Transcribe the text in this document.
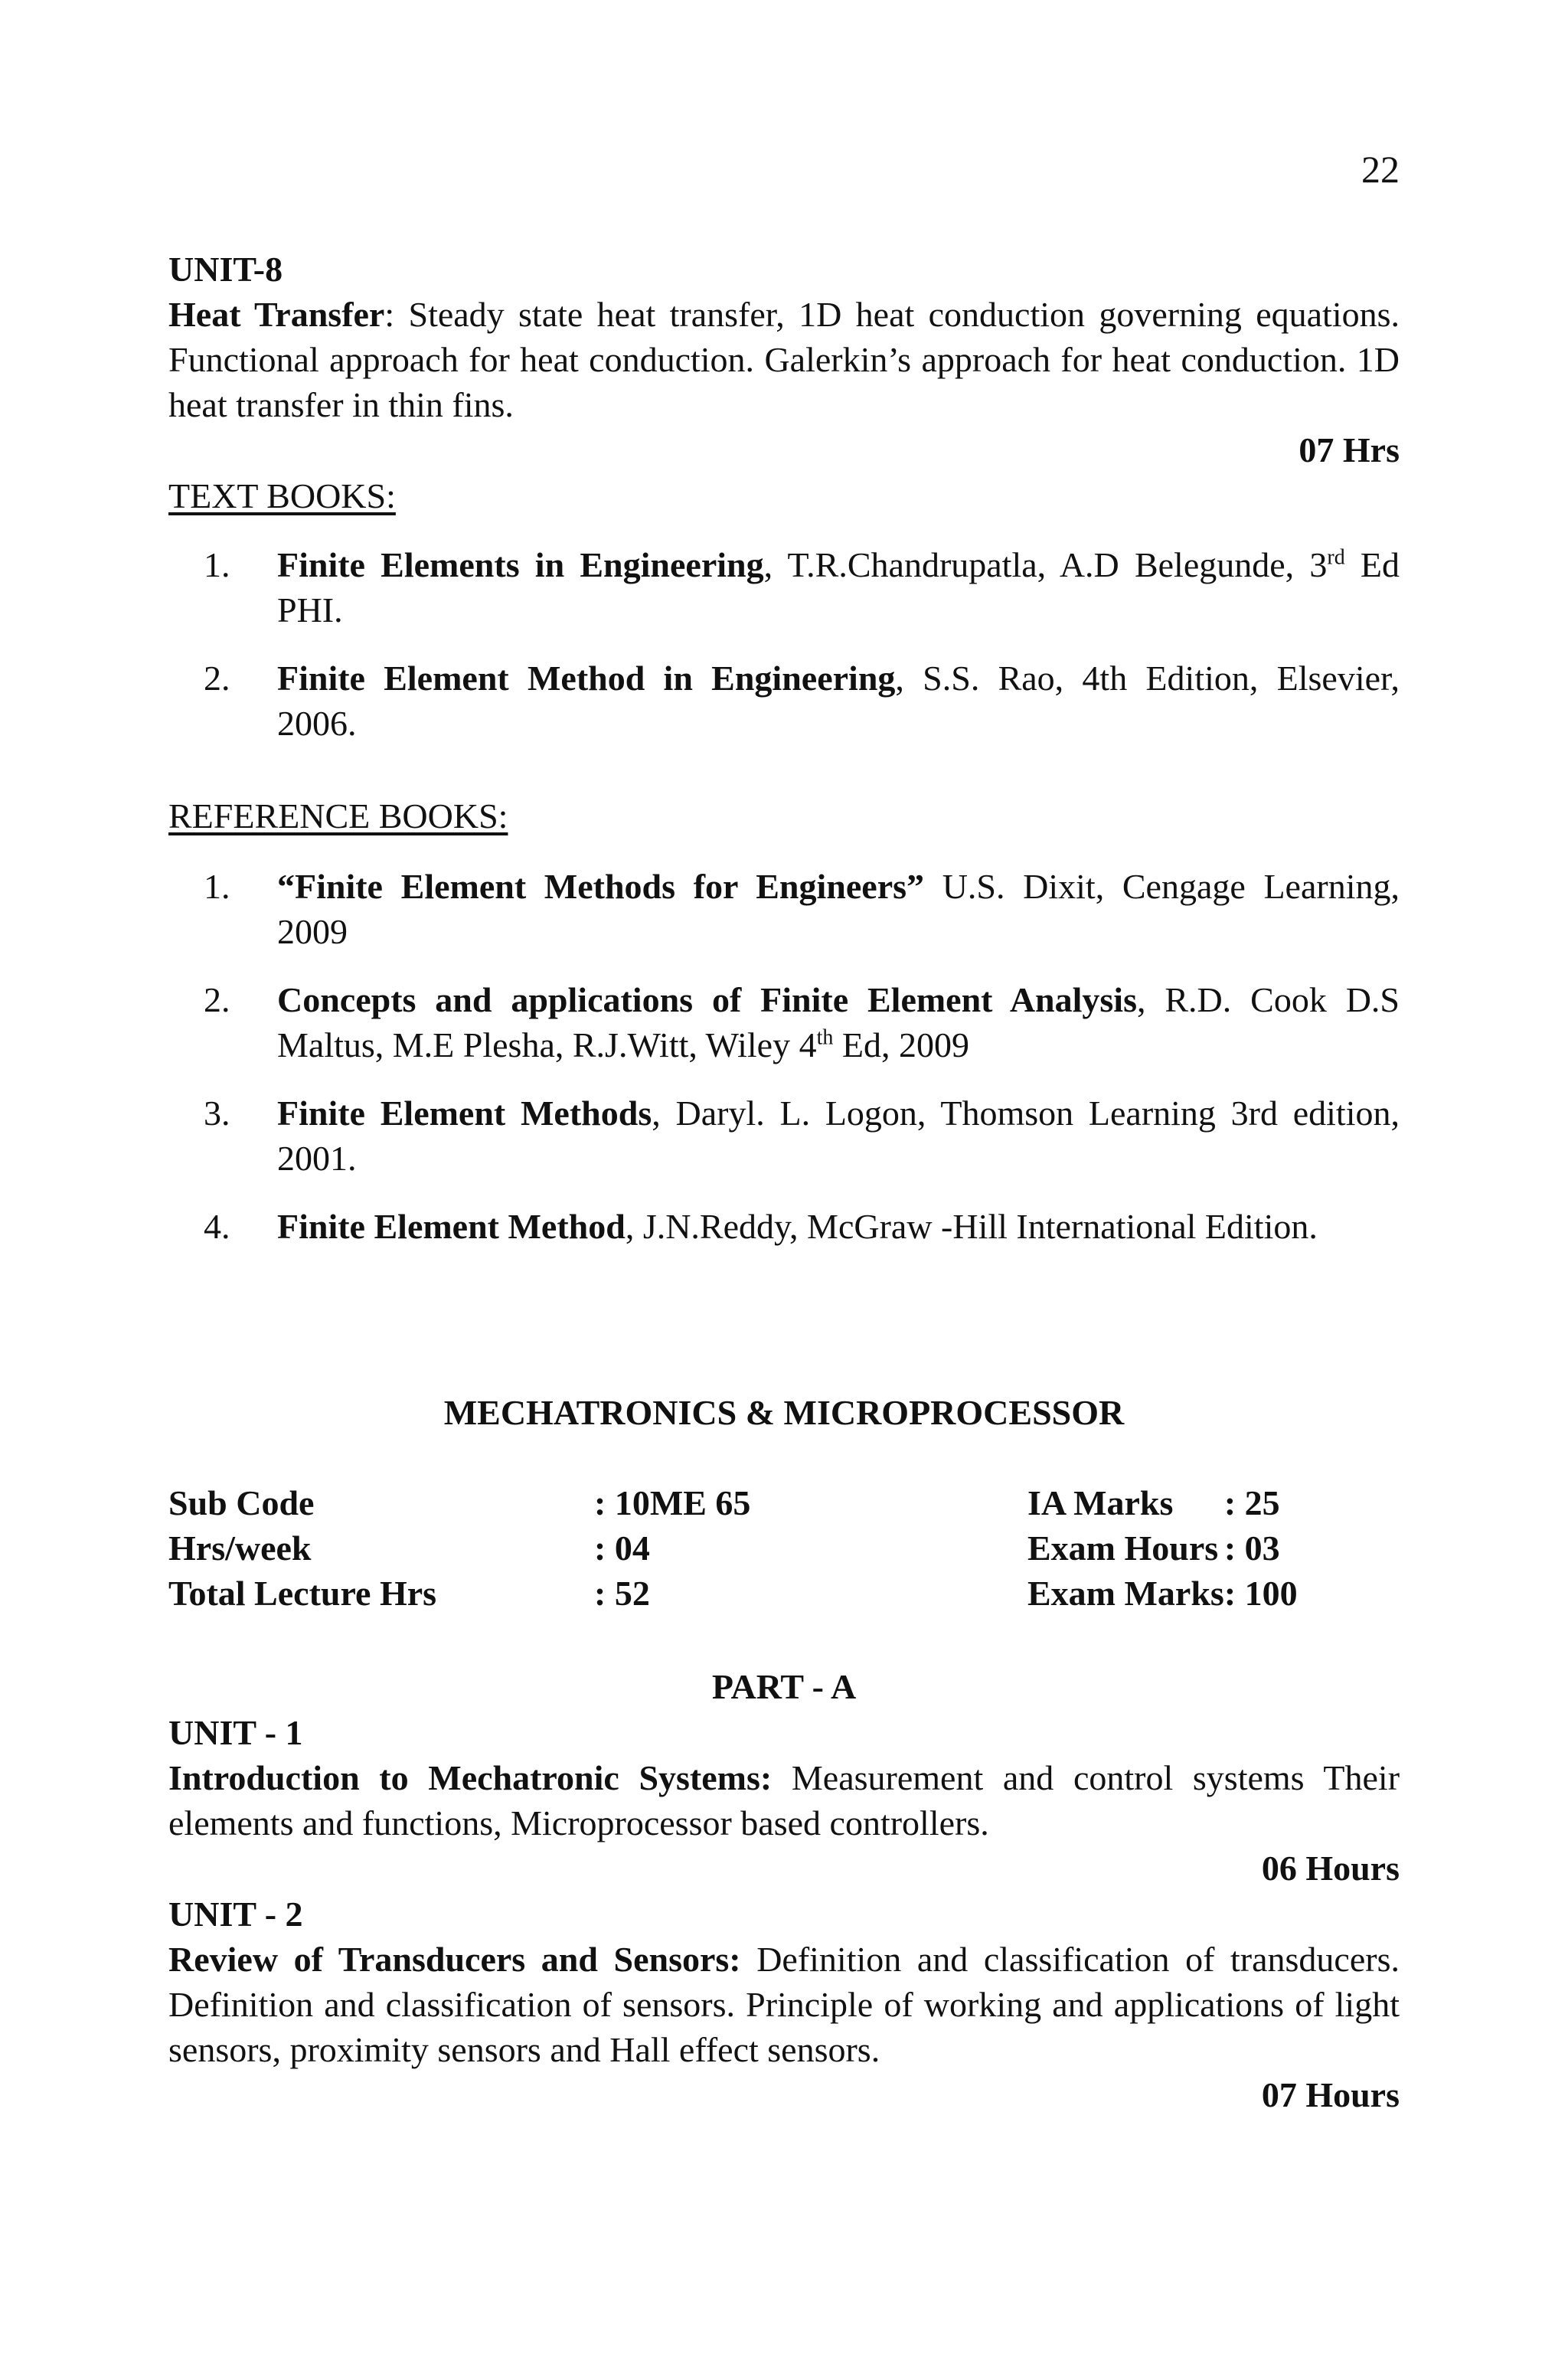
22
UNIT-8
Heat Transfer: Steady state heat transfer, 1D heat conduction governing equations. Functional approach for heat conduction. Galerkin’s approach for heat conduction. 1D heat transfer in thin fins.
07 Hrs
TEXT BOOKS:
1. Finite Elements in Engineering, T.R.Chandrupatla, A.D Belegunde, 3rd Ed PHI.
2. Finite Element Method in Engineering, S.S. Rao, 4th Edition, Elsevier, 2006.
REFERENCE BOOKS:
1. “Finite Element Methods for Engineers” U.S. Dixit, Cengage Learning, 2009
2. Concepts and applications of Finite Element Analysis, R.D. Cook D.S Maltus, M.E Plesha, R.J.Witt, Wiley 4th Ed, 2009
3. Finite Element Methods, Daryl. L. Logon, Thomson Learning 3rd edition, 2001.
4. Finite Element Method, J.N.Reddy, McGraw -Hill International Edition.
MECHATRONICS & MICROPROCESSOR
Sub Code	: 10ME 65	IA Marks	: 25
Hrs/week	: 04	Exam Hours	: 03
Total Lecture Hrs	: 52	Exam Marks	: 100
PART - A
UNIT - 1
Introduction to Mechatronic Systems: Measurement and control systems Their elements and functions, Microprocessor based controllers.
06 Hours
UNIT - 2
Review of Transducers and Sensors: Definition and classification of transducers. Definition and classification of sensors. Principle of working and applications of light sensors, proximity sensors and Hall effect sensors.
07 Hours
